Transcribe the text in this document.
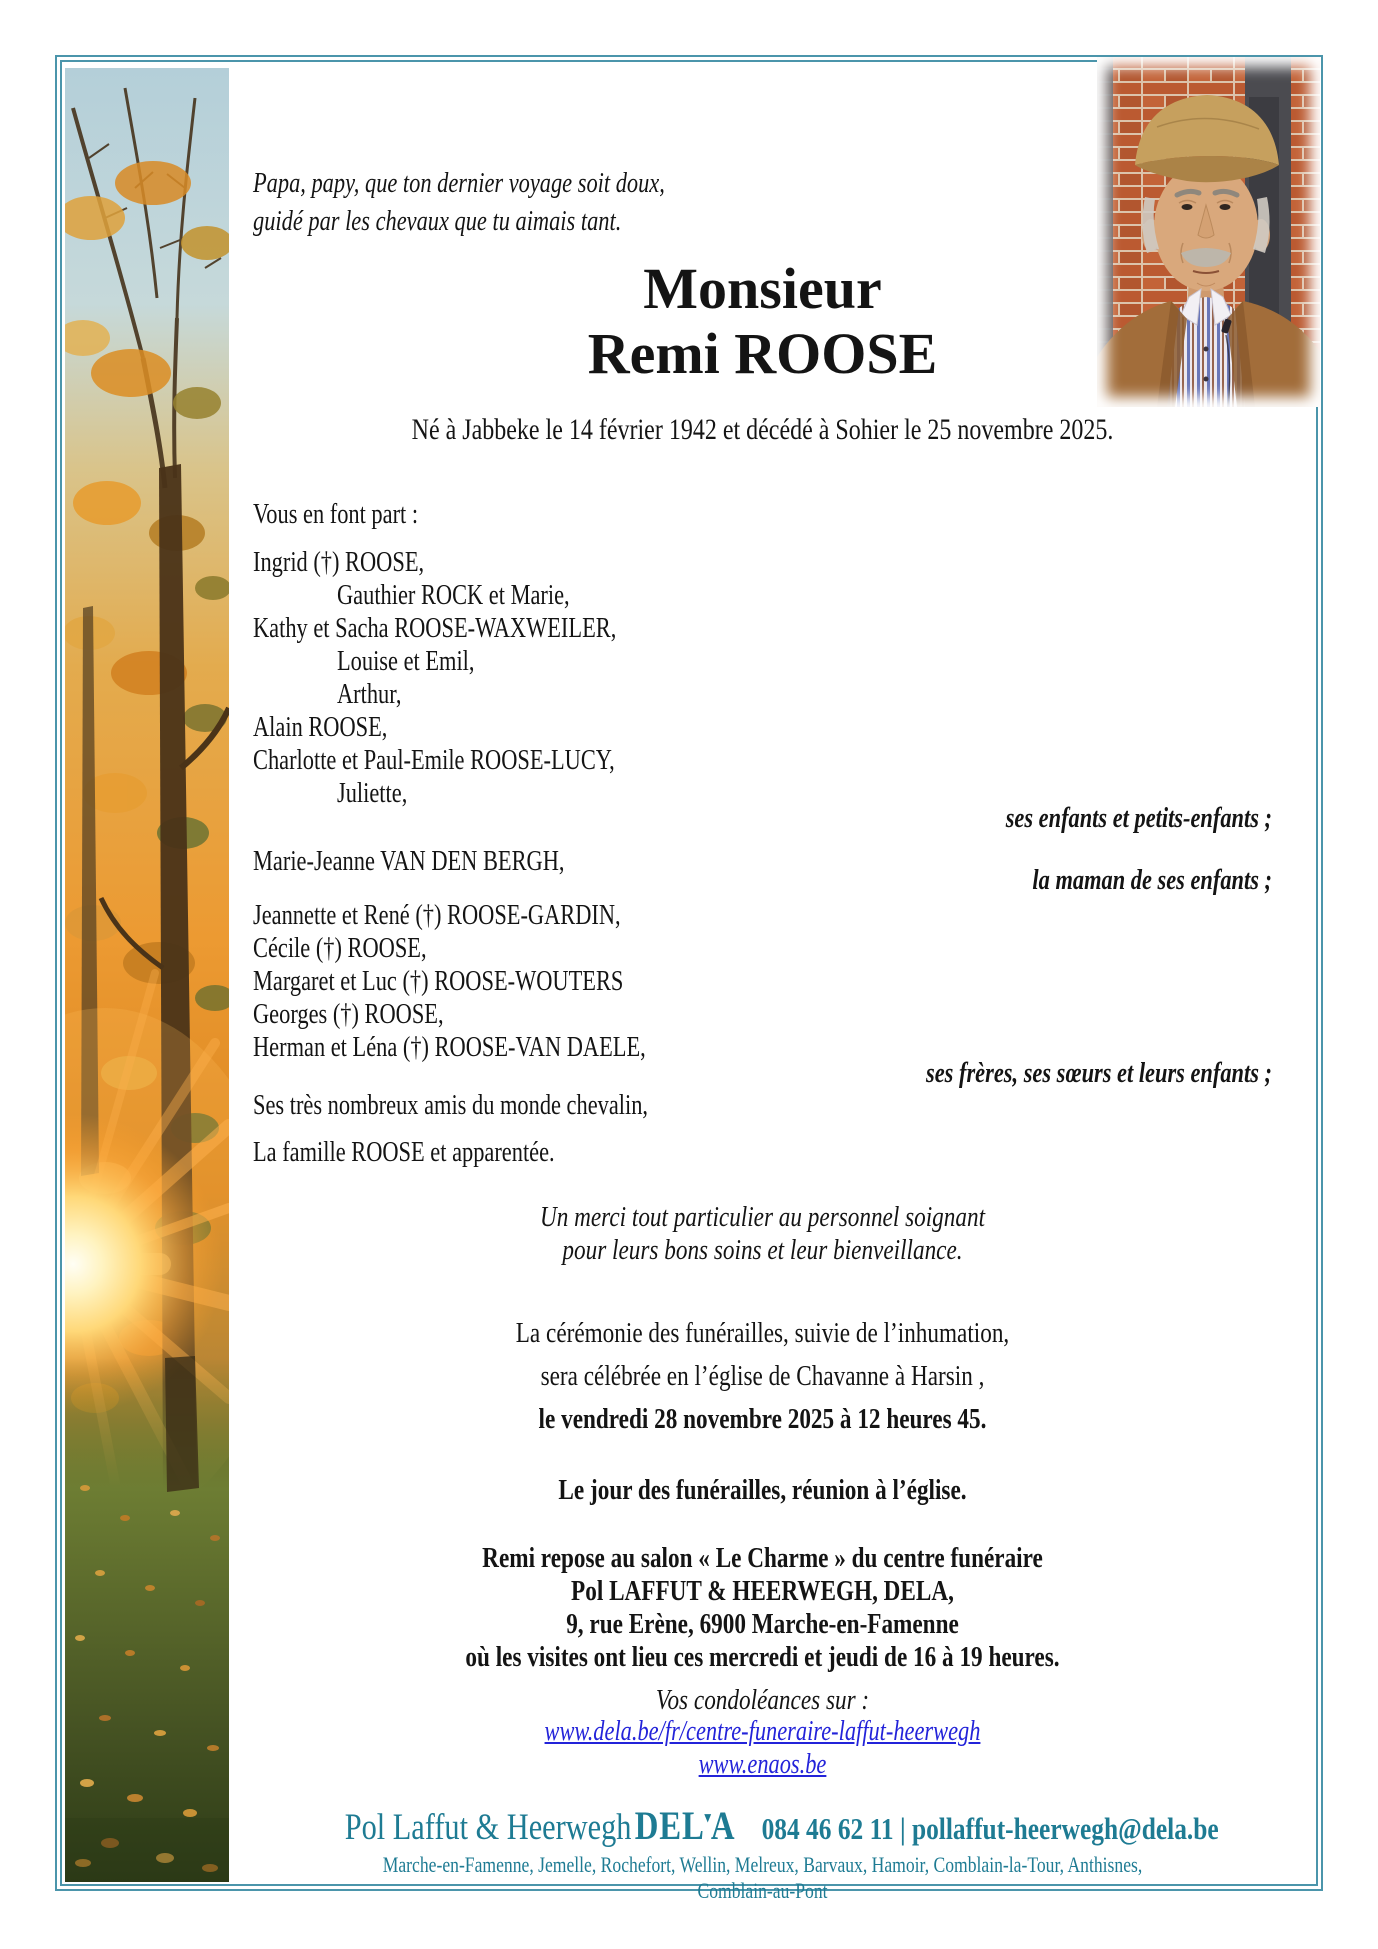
Papa, papy, que ton dernier voyage soit doux,
guidé par les chevaux que tu aimais tant.
Monsieur
Remi ROOSE
Né à Jabbeke le 14 février 1942 et décédé à Sohier le 25 novembre 2025.
Vous en font part :
Ingrid (†) ROOSE,
Gauthier ROCK et Marie,
Kathy et Sacha ROOSE-WAXWEILER,
Louise et Emil,
Arthur,
Alain ROOSE,
Charlotte et Paul-Emile ROOSE-LUCY,
Juliette,
ses enfants et petits-enfants ;
Marie-Jeanne VAN DEN BERGH,
la maman de ses enfants ;
Jeannette et René (†) ROOSE-GARDIN,
Cécile (†) ROOSE,
Margaret et Luc (†) ROOSE-WOUTERS
Georges (†) ROOSE,
Herman et Léna (†) ROOSE-VAN DAELE,
ses frères, ses sœurs et leurs enfants ;
Ses très nombreux amis du monde chevalin,
La famille ROOSE et apparentée.
Un merci tout particulier au personnel soignant
pour leurs bons soins et leur bienveillance.
La cérémonie des funérailles, suivie de l’inhumation,
sera célébrée en l’église de Chavanne à Harsin ,
le vendredi 28 novembre 2025 à 12 heures 45.
Le jour des funérailles, réunion à l’église.
Remi repose au salon « Le Charme » du centre funéraire
Pol LAFFUT & HEERWEGH, DELA,
9, rue Erène, 6900 Marche-en-Famenne
où les visites ont lieu ces mercredi et jeudi de 16 à 19 heures.
Vos condoléances sur :
www.dela.be/fr/centre-funeraire-laffut-heerwegh
www.enaos.be
Pol Laffut & Heerwegh DEL▾A 084 46 62 11 | pollaffut-heerwegh@dela.be
Marche-en-Famenne, Jemelle, Rochefort, Wellin, Melreux, Barvaux, Hamoir, Comblain-la-Tour, Anthisnes, Comblain-au-Pont
